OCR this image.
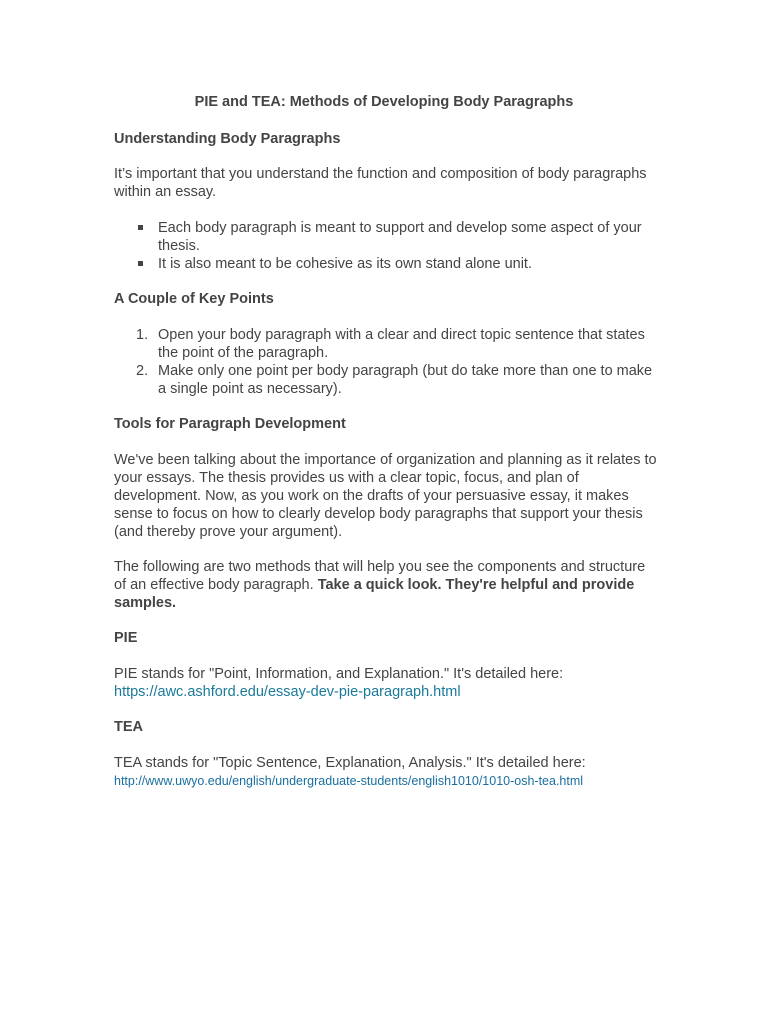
PIE and TEA: Methods of Developing Body Paragraphs

Understanding Body Paragraphs

It’s important that you understand the function and composition of body paragraphs within an essay.

Each body paragraph is meant to support and develop some aspect of your thesis.
It is also meant to be cohesive as its own stand alone unit.

A Couple of Key Points

1. Open your body paragraph with a clear and direct topic sentence that states the point of the paragraph.
2. Make only one point per body paragraph (but do take more than one to make a single point as necessary).

Tools for Paragraph Development

We've been talking about the importance of organization and planning as it relates to your essays. The thesis provides us with a clear topic, focus, and plan of development. Now, as you work on the drafts of your persuasive essay, it makes sense to focus on how to clearly develop body paragraphs that support your thesis (and thereby prove your argument).

The following are two methods that will help you see the components and structure of an effective body paragraph. Take a quick look. They're helpful and provide samples.

PIE

PIE stands for "Point, Information, and Explanation." It's detailed here: https://awc.ashford.edu/essay-dev-pie-paragraph.html

TEA

TEA stands for "Topic Sentence, Explanation, Analysis." It's detailed here:
http://www.uwyo.edu/english/undergraduate-students/english1010/1010-osh-tea.html
